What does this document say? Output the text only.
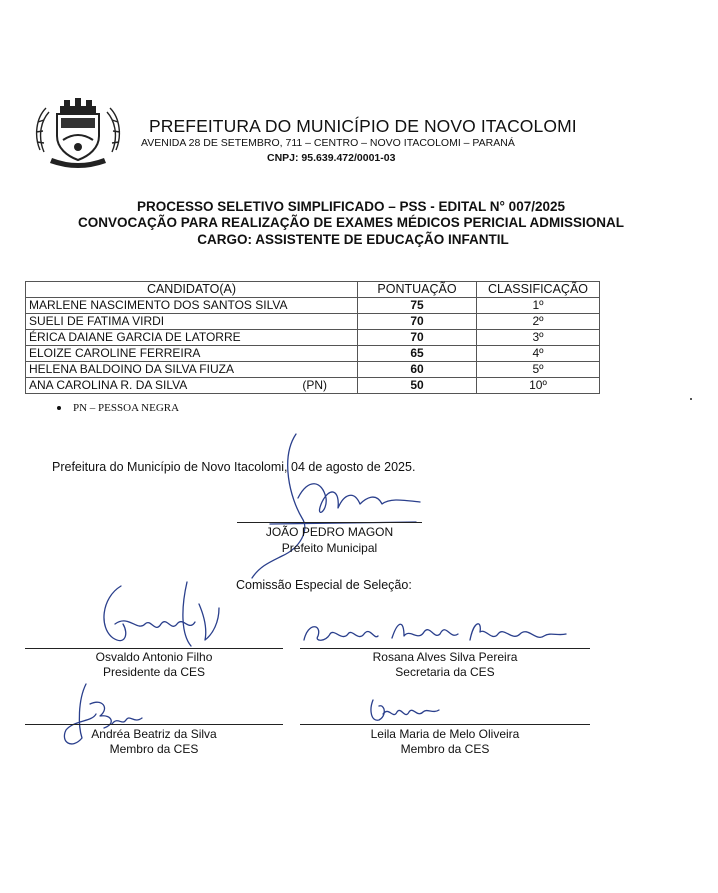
PREFEITURA DO MUNICÍPIO DE NOVO ITACOLOMI
AVENIDA 28 DE SETEMBRO, 711 – CENTRO – NOVO ITACOLOMI – PARANÁ
CNPJ: 95.639.472/0001-03
PROCESSO SELETIVO SIMPLIFICADO – PSS - EDITAL N° 007/2025
CONVOCAÇÃO PARA REALIZAÇÃO DE EXAMES MÉDICOS PERICIAL ADMISSIONAL
CARGO: ASSISTENTE DE EDUCAÇÃO INFANTIL
CANDIDATO(A)	PONTUAÇÃO	CLASSIFICAÇÃO
MARLENE NASCIMENTO DOS SANTOS SILVA	75	1º
SUELI DE FATIMA VIRDI	70	2º
ÉRICA DAIANE GARCIA DE LATORRE	70	3º
ELOIZE CAROLINE FERREIRA	65	4º
HELENA BALDOINO DA SILVA FIUZA	60	5º

ANA CAROLINA R. DA SILVA (PN)	50	10º
PN – PESSOA NEGRA
Prefeitura do Município de Novo Itacolomi, 04 de agosto de 2025.
JOÃO PEDRO MAGON
Prefeito Municipal
Comissão Especial de Seleção:
Osvaldo Antonio Filho
Presidente da CES
Rosana Alves Silva Pereira
Secretaria da CES
Andréa Beatriz da Silva
Membro da CES
Leila Maria de Melo Oliveira
Membro da CES
